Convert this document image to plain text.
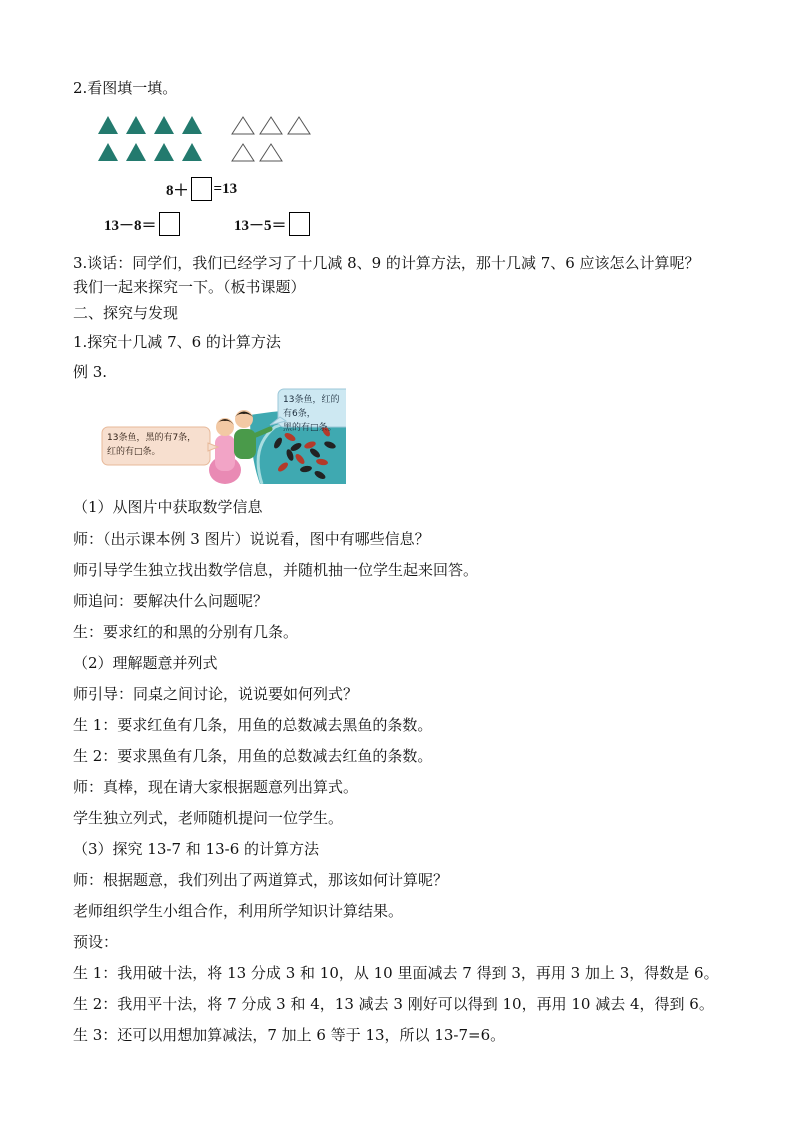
2.看图填一填。
8＋ =13
13－8＝	13－5＝
3.谈话：同学们，我们已经学习了十几减 8、9 的计算方法，那十几减 7、6 应该怎么计算呢？
我们一起来探究一下。（板书课题）
二、探究与发现
1.探究十几减 7、6 的计算方法
例 3.
13条鱼，红的有6条，
黑的有□条。
13条鱼，黑的有7条，
红的有□条。
（1）从图片中获取数学信息
师：（出示课本例 3 图片）说说看，图中有哪些信息？
师引导学生独立找出数学信息，并随机抽一位学生起来回答。
师追问：要解决什么问题呢？
生：要求红的和黑的分别有几条。
（2）理解题意并列式
师引导：同桌之间讨论，说说要如何列式？
生 1：要求红鱼有几条，用鱼的总数减去黑鱼的条数。
生 2：要求黑鱼有几条，用鱼的总数减去红鱼的条数。
师：真棒，现在请大家根据题意列出算式。
学生独立列式，老师随机提问一位学生。
（3）探究 13-7 和 13-6 的计算方法
师：根据题意，我们列出了两道算式，那该如何计算呢？
老师组织学生小组合作，利用所学知识计算结果。
预设：
生 1：我用破十法，将 13 分成 3 和 10，从 10 里面减去 7 得到 3，再用 3 加上 3，得数是 6。
生 2：我用平十法，将 7 分成 3 和 4，13 减去 3 刚好可以得到 10，再用 10 减去 4，得到 6。
生 3：还可以用想加算减法，7 加上 6 等于 13，所以 13-7=6。
